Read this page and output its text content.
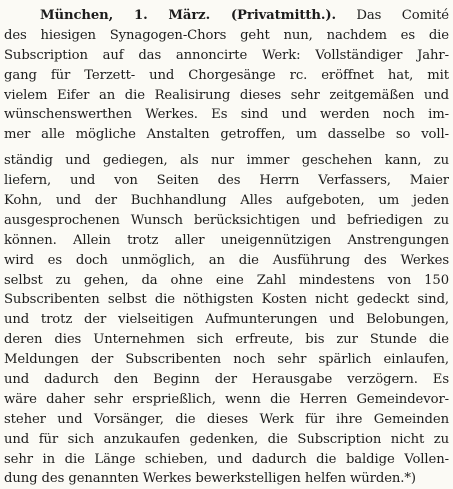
München, 1. März. (Privatmitth.). Das Comité
des hiesigen Synagogen-Chors geht nun, nachdem es die
Subscription auf das annoncirte Werk: Vollständiger Jahr-
gang für Terzett- und Chorgesänge rc. eröffnet hat, mit
vielem Eifer an die Realisirung dieses sehr zeitgemäßen und
wünschenswerthen Werkes. Es sind und werden noch im-
mer alle mögliche Anstalten getroffen, um dasselbe so voll-
ständig und gediegen, als nur immer geschehen kann, zu
liefern, und von Seiten des Herrn Verfassers, Maier
Kohn, und der Buchhandlung Alles aufgeboten, um jeden
ausgesprochenen Wunsch berücksichtigen und befriedigen zu
können. Allein trotz aller uneigennützigen Anstrengungen
wird es doch unmöglich, an die Ausführung des Werkes
selbst zu gehen, da ohne eine Zahl mindestens von 150
Subscribenten selbst die nöthigsten Kosten nicht gedeckt sind,
und trotz der vielseitigen Aufmunterungen und Belobungen,
deren dies Unternehmen sich erfreute, bis zur Stunde die
Meldungen der Subscribenten noch sehr spärlich einlaufen,
und dadurch den Beginn der Herausgabe verzögern. Es
wäre daher sehr ersprießlich, wenn die Herren Gemeindevor-
steher und Vorsänger, die dieses Werk für ihre Gemeinden
und für sich anzukaufen gedenken, die Subscription nicht zu
sehr in die Länge schieben, und dadurch die baldige Vollen-
dung des genannten Werkes bewerkstelligen helfen würden.*)
